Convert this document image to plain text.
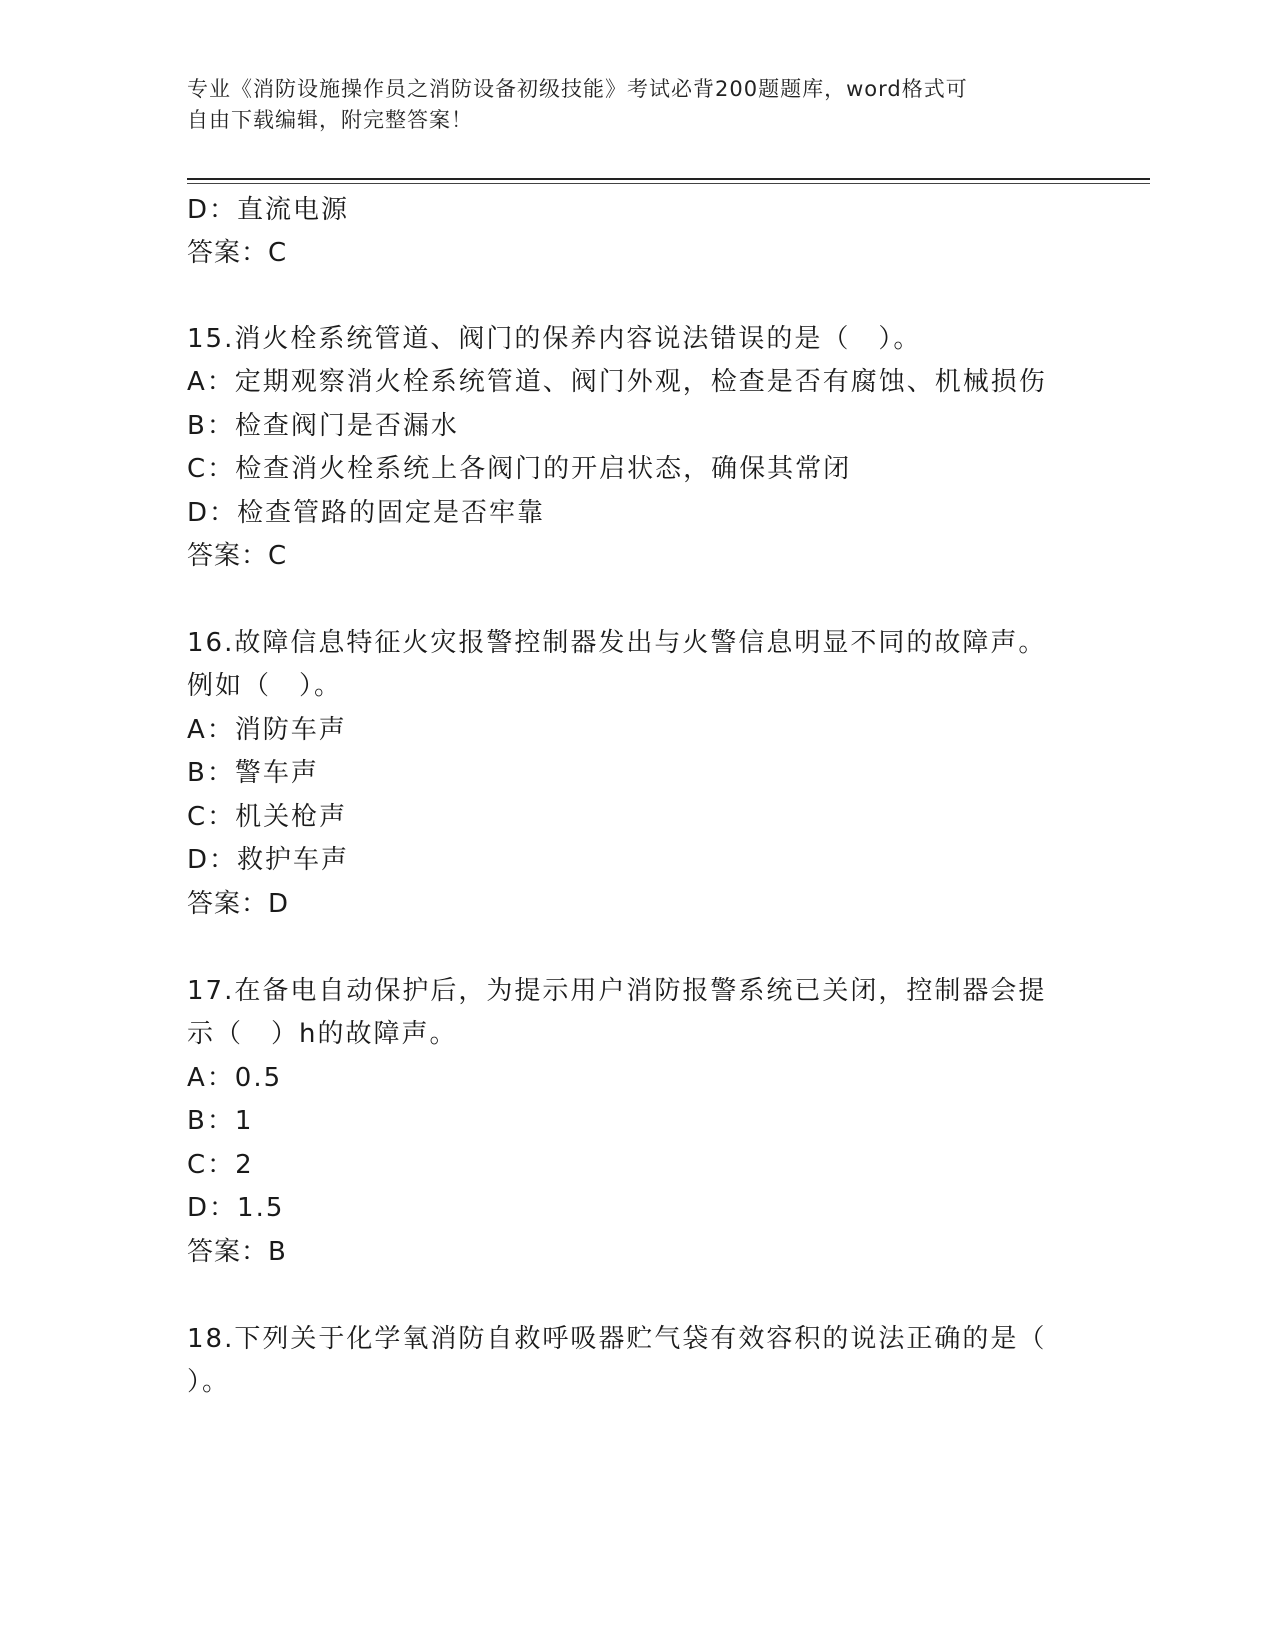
专业《消防设施操作员之消防设备初级技能》考试必背200题题库，word格式可
自由下载编辑，附完整答案！
D：直流电源
答案：C
15.消火栓系统管道、阀门的保养内容说法错误的是（　）。
A：定期观察消火栓系统管道、阀门外观，检查是否有腐蚀、机械损伤
B：检查阀门是否漏水
C：检查消火栓系统上各阀门的开启状态，确保其常闭
D：检查管路的固定是否牢靠
答案：C
16.故障信息特征火灾报警控制器发出与火警信息明显不同的故障声。
例如（　）。
A：消防车声
B：警车声
C：机关枪声
D：救护车声
答案：D
17.在备电自动保护后，为提示用户消防报警系统已关闭，控制器会提
示（　）h的故障声。
A：0.5
B：1
C：2
D：1.5
答案：B
18.下列关于化学氧消防自救呼吸器贮气袋有效容积的说法正确的是（
）。
